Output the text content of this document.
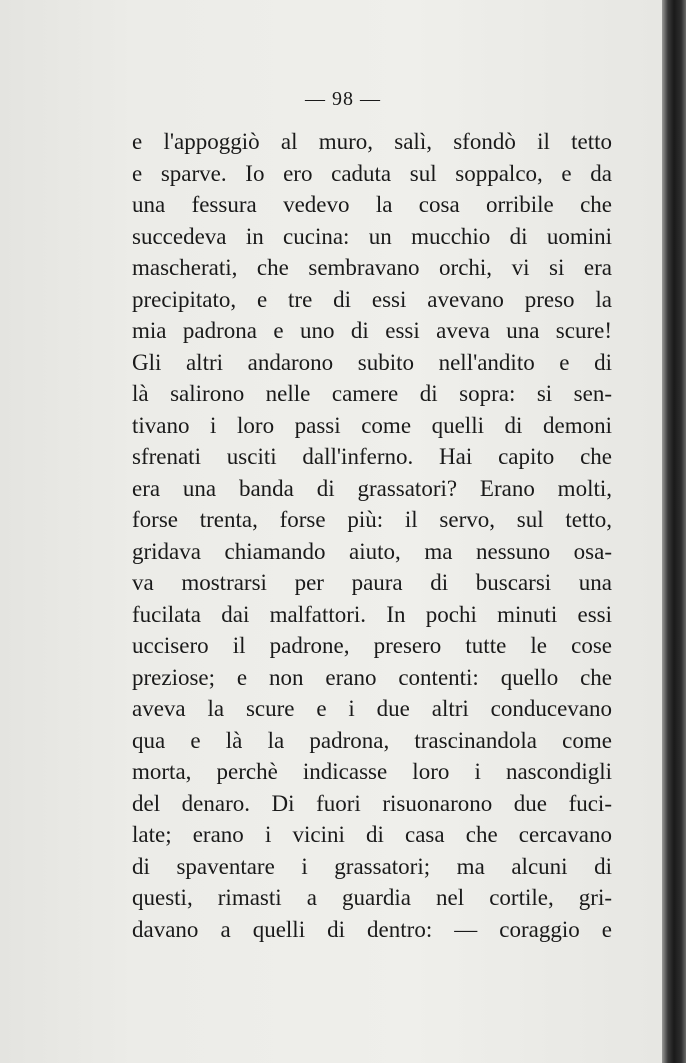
— 98 —
e l'appoggiò al muro, salì, sfondò il tetto
e sparve. Io ero caduta sul soppalco, e da
una fessura vedevo la cosa orribile che
succedeva in cucina: un mucchio di uomini
mascherati, che sembravano orchi, vi si era
precipitato, e tre di essi avevano preso la
mia padrona e uno di essi aveva una scure!
Gli altri andarono subito nell'andito e di
là salirono nelle camere di sopra: si sen-
tivano i loro passi come quelli di demoni
sfrenati usciti dall'inferno. Hai capito che
era una banda di grassatori? Erano molti,
forse trenta, forse più: il servo, sul tetto,
gridava chiamando aiuto, ma nessuno osa-
va mostrarsi per paura di buscarsi una
fucilata dai malfattori. In pochi minuti essi
uccisero il padrone, presero tutte le cose
preziose; e non erano contenti: quello che
aveva la scure e i due altri conducevano
qua e là la padrona, trascinandola come
morta, perchè indicasse loro i nascondigli
del denaro. Di fuori risuonarono due fuci-
late; erano i vicini di casa che cercavano
di spaventare i grassatori; ma alcuni di
questi, rimasti a guardia nel cortile, gri-
davano a quelli di dentro: — coraggio e
